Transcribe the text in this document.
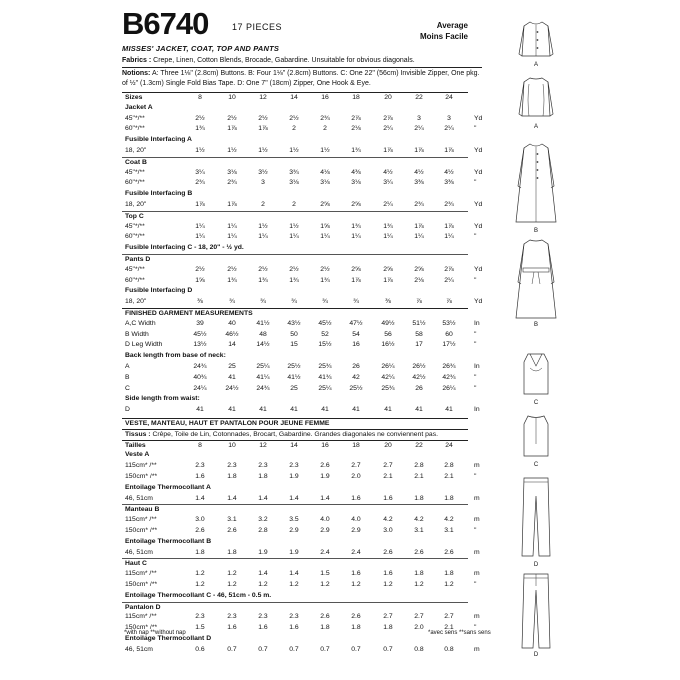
B6740	17 PIECES	Average
Moins Facile
MISSES' JACKET, COAT, TOP AND PANTS
Fabrics : Crepe, Linen, Cotton Blends, Brocade, Gabardine. Unsuitable for obvious diagonals.
Notions: A: Three 1⅛" (2.8cm) Buttons. B: Four 1⅛" (2.8cm) Buttons. C: One 22" (56cm) Invisible Zipper, One pkg.
of ½" (1.3cm) Single Fold Bias Tape. D: One 7" (18cm) Zipper, One Hook & Eye.
Sizes	8	10	12	14	16	18	20	22	24
Jacket A
45"*/**	2½	2½	2½	2½	2¾	2⅞	2⅞	3	3	Yd
60"*/**	1¾	1⅞	1⅞	2	2	2⅛	2¼	2¼	2¼	"
Fusible Interfacing A
18, 20"	1½	1½	1½	1½	1½	1¾	1⅞	1⅞	1⅞	Yd
Coat B
45"*/**	3¼	3⅛	3½	3¾	4⅛	4⅜	4½	4½	4½	Yd
60"*/**	2¾	2¾	3	3⅛	3⅛	3⅛	3¼	3⅜	3⅜	"
Fusible Interfacing B
18, 20"	1⅞	1⅞	2	2	2⅝	2⅝	2¼	2¾	2¾	Yd
Top C
45"*/**	1¼	1¼	1½	1½	1⅝	1¾	1¾	1⅞	1⅞	Yd
60"*/**	1¼	1¼	1¼	1¼	1¼	1¼	1¼	1¼	1¼	"
Fusible Interfacing C - 18, 20" - ½ yd.
Pants D
45"*/**	2½	2½	2½	2½	2½	2⅝	2⅝	2⅝	2⅞	Yd
60"*/**	1⅝	1¾	1¾	1¾	1¾	1⅞	1⅞	2⅛	2¼	"
Fusible Interfacing D
18, 20"	⅜	¾	¾	¾	¾	¾	⅜	⅞	⅞	Yd
FINISHED GARMENT MEASUREMENTS
A,C Width	39	40	41½	43½	45½	47½	49½	51½	53½	In
B Width	45½	46½	48	50	52	54	56	58	60	"
D Leg Width	13½	14	14½	15	15½	16	16½	17	17½	"
Back length from base of neck:
A	24¾	25	25¼	25½	25¾	26	26¼	26½	26¾	In
B	40¾	41	41¼	41½	41¾	42	42¼	42½	42¾	"
C	24¼	24½	24¾	25	25¼	25½	25¾	26	26¼	"
Side length from waist:
D	41	41	41	41	41	41	41	41	41	In
VESTE, MANTEAU, HAUT ET PANTALON POUR JEUNE FEMME
Tissus : Crêpe, Toile de Lin, Cotonnades, Brocart, Gabardine. Grandes diagonales ne conviennent pas.
Tailles	8	10	12	14	16	18	20	22	24
Veste A
115cm* /**	2.3	2.3	2.3	2.3	2.6	2.7	2.7	2.8	2.8	m
150cm* /**	1.6	1.8	1.8	1.9	1.9	2.0	2.1	2.1	2.1	"
Entoilage Thermocollant A
46, 51cm	1.4	1.4	1.4	1.4	1.4	1.6	1.6	1.8	1.8	m
Manteau B
115cm* /**	3.0	3.1	3.2	3.5	4.0	4.0	4.2	4.2	4.2	m
150cm* /**	2.6	2.6	2.8	2.9	2.9	2.9	3.0	3.1	3.1	"
Entoilage Thermocollant B
46, 51cm	1.8	1.8	1.9	1.9	2.4	2.4	2.6	2.6	2.6	m
Haut C
115cm* /**	1.2	1.2	1.4	1.4	1.5	1.6	1.6	1.8	1.8	m
150cm* /**	1.2	1.2	1.2	1.2	1.2	1.2	1.2	1.2	1.2	"
Entoilage Thermocollant C - 46, 51cm - 0.5 m.
Pantalon D
115cm* /**	2.3	2.3	2.3	2.3	2.6	2.6	2.7	2.7	2.7	m
150cm* /**	1.5	1.6	1.6	1.6	1.8	1.8	1.8	2.0	2.1	"
Entoilage Thermocollant D
46, 51cm	0.6	0.7	0.7	0.7	0.7	0.7	0.7	0.8	0.8	m
*with nap **without nap	*avec sens **sans sens
A
A
B
B
C
C
D
D
